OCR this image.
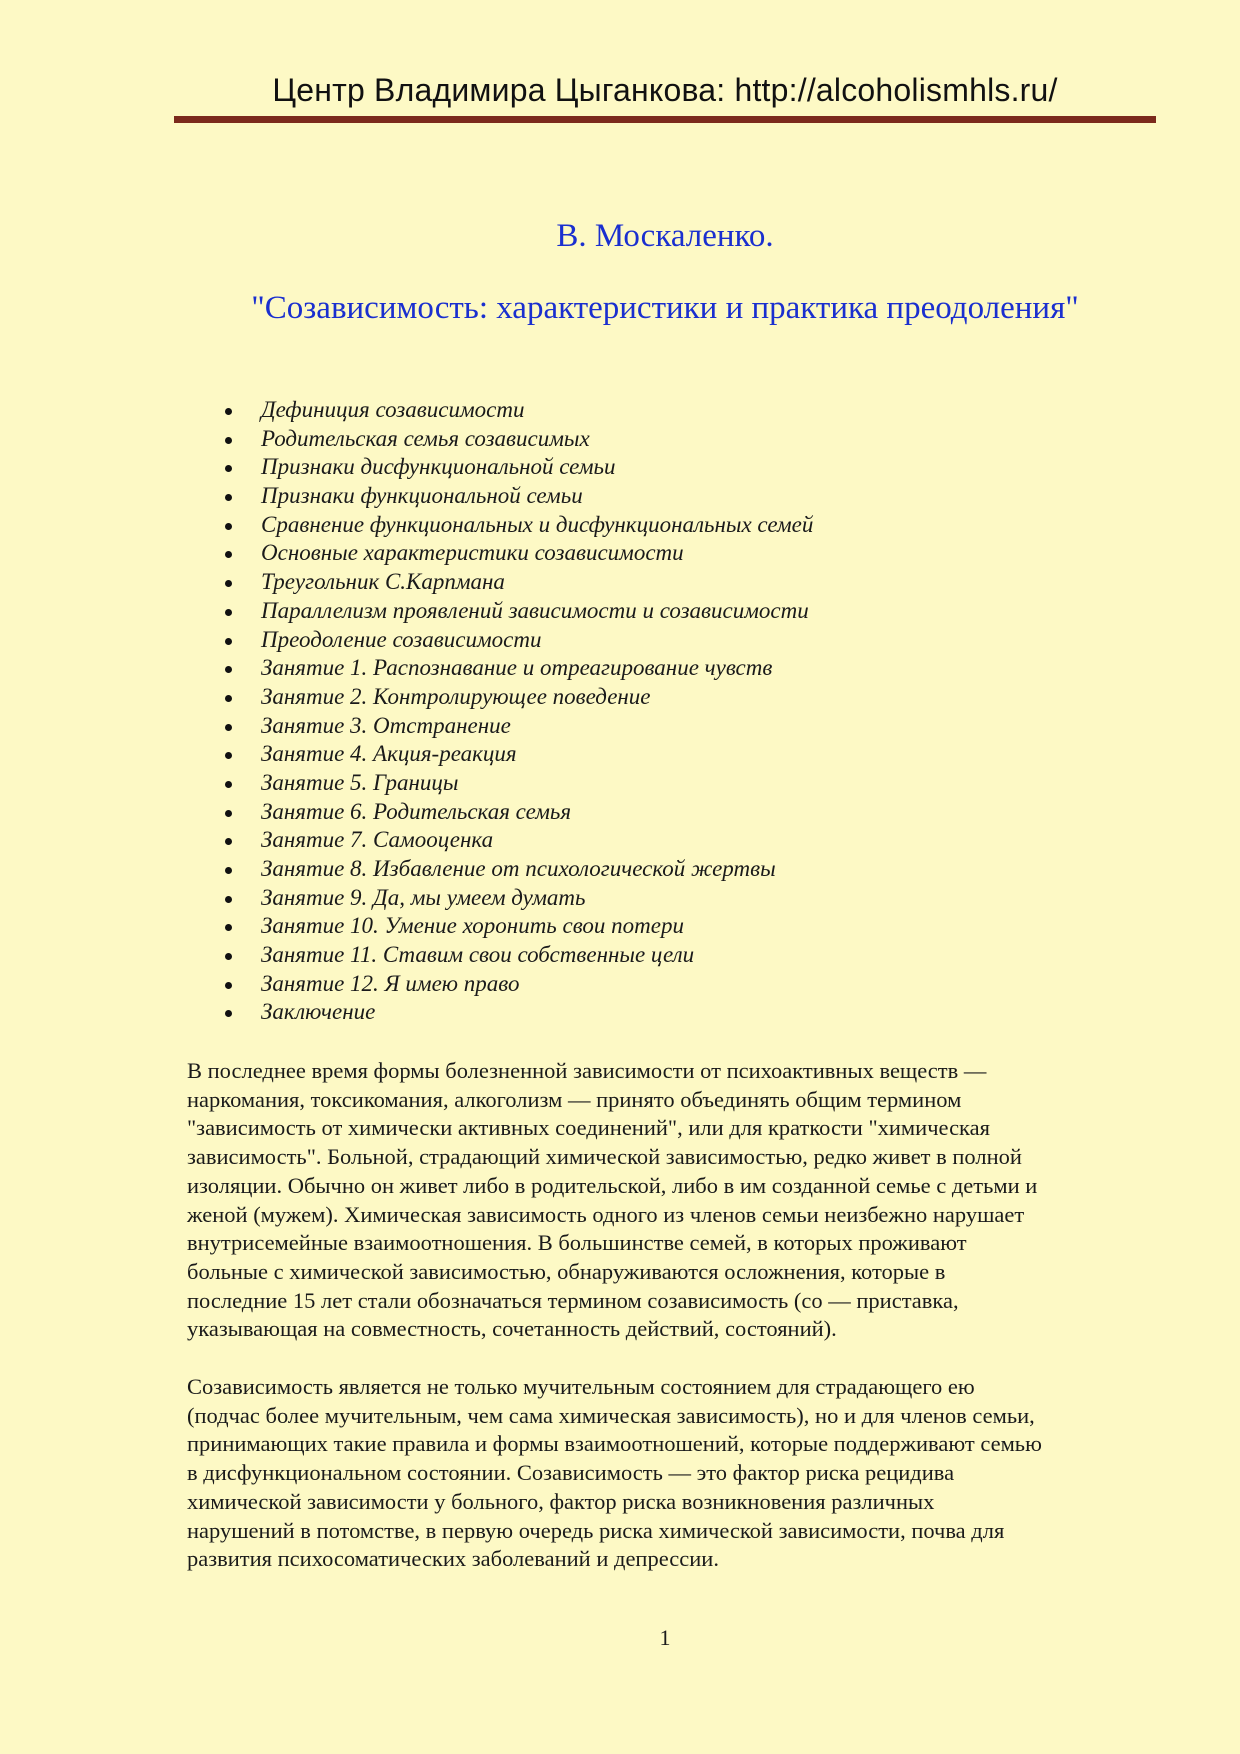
Центр Владимира Цыганкова: http://alcoholismhls.ru/
В. Москаленко.
"Созависимость: характеристики и практика преодоления"
Дефиниция созависимости
Родительская семья созависимых
Признаки дисфункциональной семьи
Признаки функциональной семьи
Сравнение функциональных и дисфункциональных семей
Основные характеристики созависимости
Треугольник С.Карпмана
Параллелизм проявлений зависимости и созависимости
Преодоление созависимости
Занятие 1. Распознавание и отреагирование чувств
Занятие 2. Контролирующее поведение
Занятие 3. Отстранение
Занятие 4. Акция-реакция
Занятие 5. Границы
Занятие 6. Родительская семья
Занятие 7. Самооценка
Занятие 8. Избавление от психологической жертвы
Занятие 9. Да, мы умеем думать
Занятие 10. Умение хоронить свои потери
Занятие 11. Ставим свои собственные цели
Занятие 12. Я имею право
Заключение
В последнее время формы болезненной зависимости от психоактивных веществ —
наркомания, токсикомания, алкоголизм — принято объединять общим термином
"зависимость от химически активных соединений", или для краткости "химическая
зависимость". Больной, страдающий химической зависимостью, редко живет в полной
изоляции. Обычно он живет либо в родительской, либо в им созданной семье с детьми и
женой (мужем). Химическая зависимость одного из членов семьи неизбежно нарушает
внутрисемейные взаимоотношения. В большинстве семей, в которых проживают
больные с химической зависимостью, обнаруживаются осложнения, которые в
последние 15 лет стали обозначаться термином созависимость (со — приставка,
указывающая на совместность, сочетанность действий, состояний).
Созависимость является не только мучительным состоянием для страдающего ею
(подчас более мучительным, чем сама химическая зависимость), но и для членов семьи,
принимающих такие правила и формы взаимоотношений, которые поддерживают семью
в дисфункциональном состоянии. Созависимость — это фактор риска рецидива
химической зависимости у больного, фактор риска возникновения различных
нарушений в потомстве, в первую очередь риска химической зависимости, почва для
развития психосоматических заболеваний и депрессии.
1
